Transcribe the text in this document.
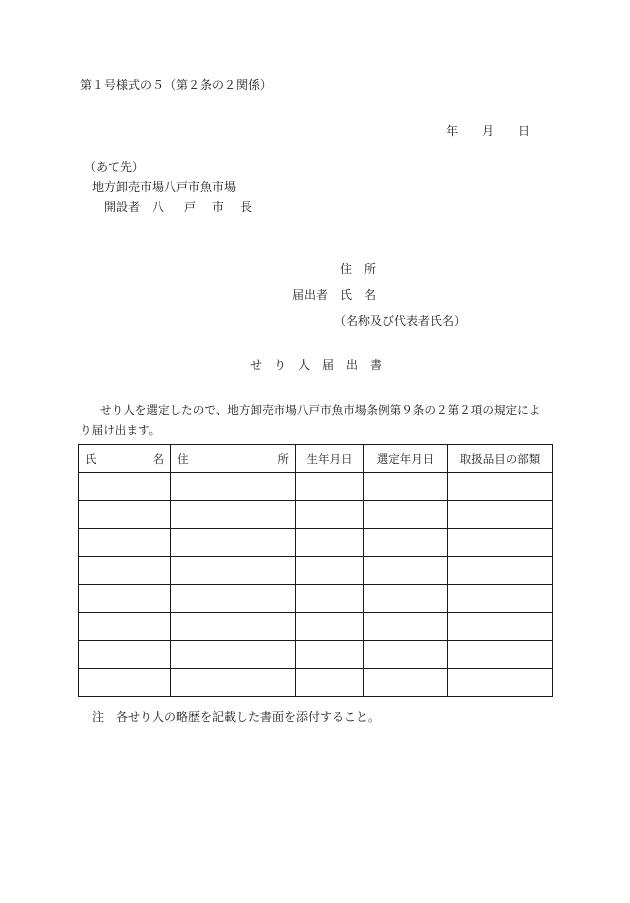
第１号様式の５（第２条の２関係）
年 月 日
（あて先）
地方卸売市場八戸市魚市場
開設者 八 戸 市 長
住 所
届出者 氏 名
（名称及び代表者氏名）
せ り 人 届 出 書
せり人を選定したので、地方卸売市場八戸市魚市場条例第９条の２第２項の規定によ
り届け出ます。
氏 名	住 所	生年月日	選定年月日	取扱品目の部類

注　各せり人の略歴を記載した書面を添付すること。
